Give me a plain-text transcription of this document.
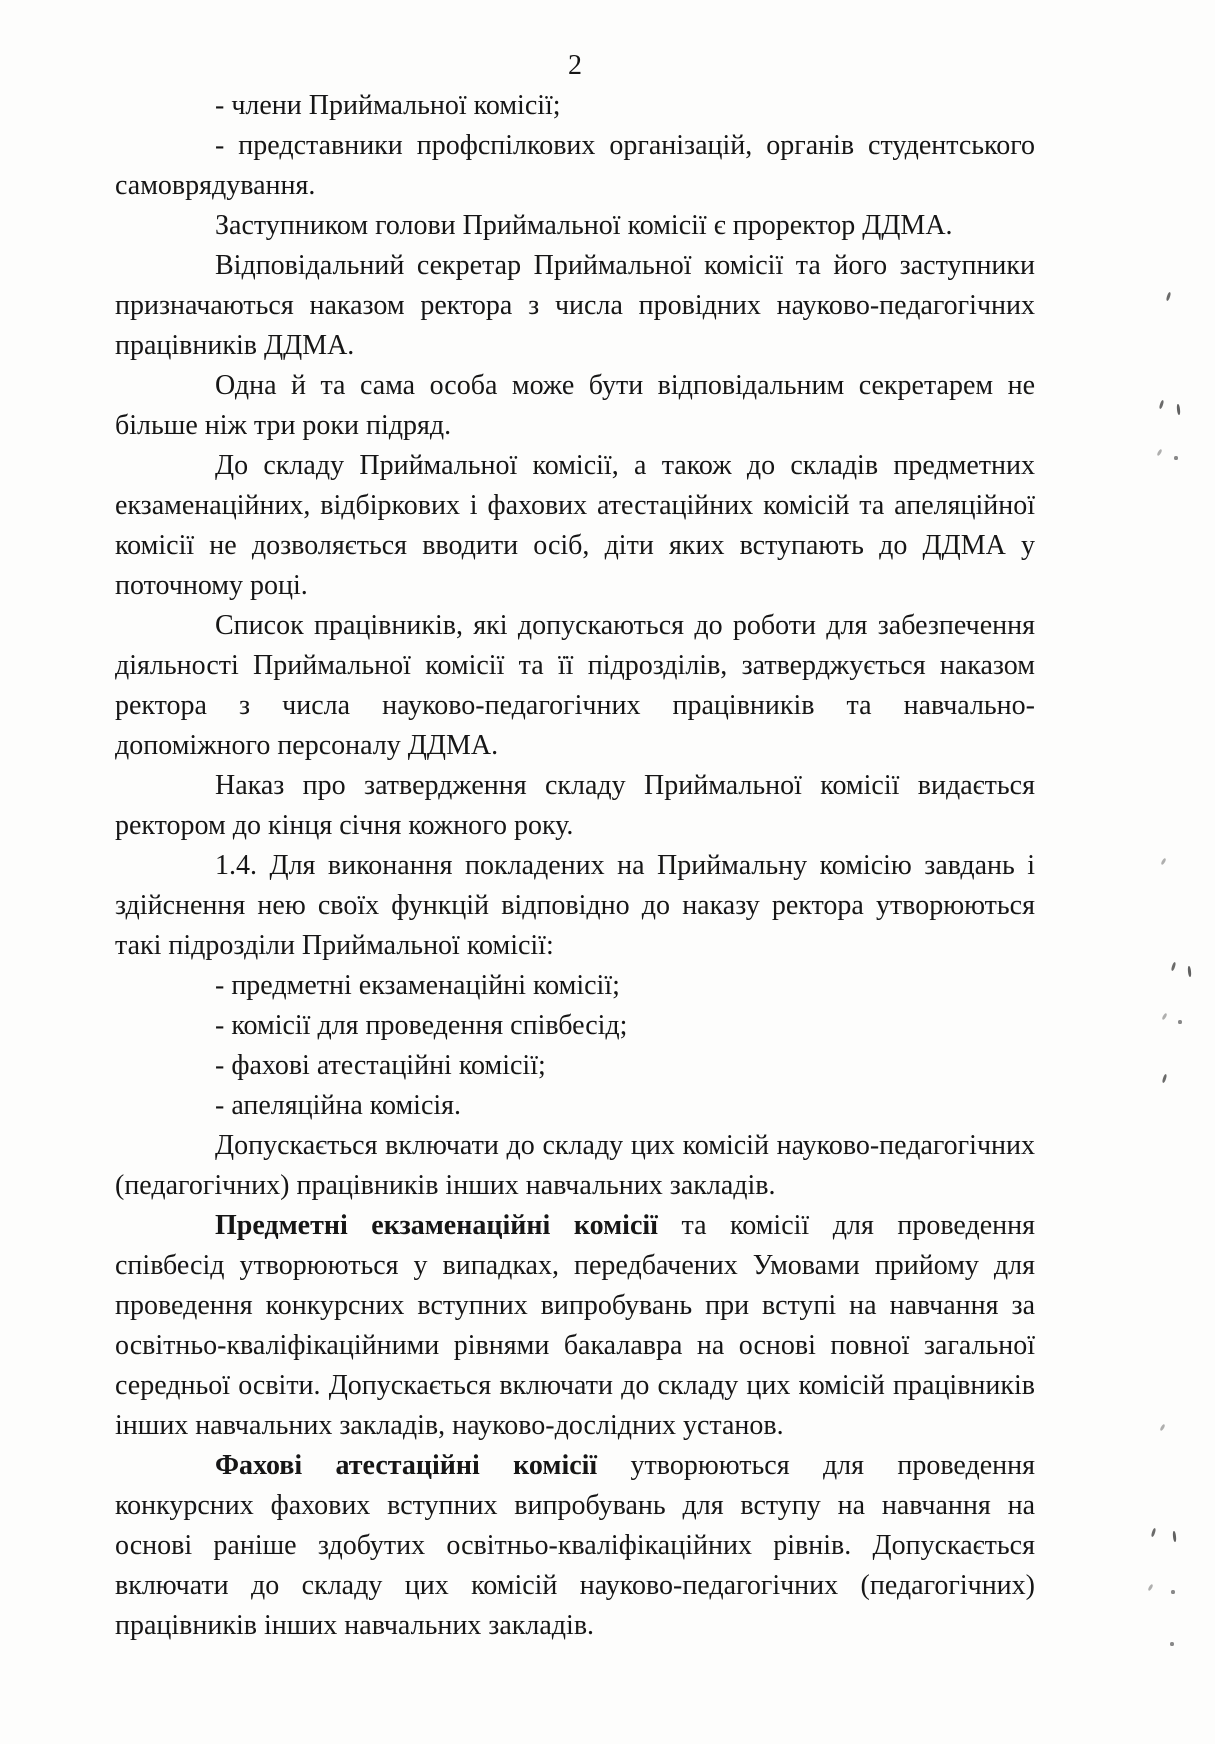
2

- члени Приймальної комісії;

- представники профспілкових організацій, органів студентського самоврядування.

Заступником голови Приймальної комісії є проректор ДДМА.

Відповідальний секретар Приймальної комісії та його заступники призначаються наказом ректора з числа провідних науково-педагогічних працівників ДДМА.

Одна й та сама особа може бути відповідальним секретарем не більше ніж три роки підряд.

До складу Приймальної комісії, а також до складів предметних екзаменаційних, відбіркових і фахових атестаційних комісій та апеляційної комісії не дозволяється вводити осіб, діти яких вступають до ДДМА у поточному році.

Список працівників, які допускаються до роботи для забезпечення діяльності Приймальної комісії та її підрозділів, затверджується наказом ректора з числа науково-педагогічних працівників та навчально-допоміжного персоналу ДДМА.

Наказ про затвердження складу Приймальної комісії видається ректором до кінця січня кожного року.

1.4. Для виконання покладених на Приймальну комісію завдань і здійснення нею своїх функцій відповідно до наказу ректора утворюються такі підрозділи Приймальної комісії:

- предметні екзаменаційні комісії;

- комісії для проведення співбесід;

- фахові атестаційні комісії;

- апеляційна комісія.

Допускається включати до складу цих комісій науково-педагогічних (педагогічних) працівників інших навчальних закладів.

Предметні екзаменаційні комісії та комісії для проведення співбесід утворюються у випадках, передбачених Умовами прийому для проведення конкурсних вступних випробувань при вступі на навчання за освітньо-кваліфікаційними рівнями бакалавра на основі повної загальної середньої освіти. Допускається включати до складу цих комісій працівників інших навчальних закладів, науково-дослідних установ.

Фахові атестаційні комісії утворюються для проведення конкурсних фахових вступних випробувань для вступу на навчання на основі раніше здобутих освітньо-кваліфікаційних рівнів. Допускається включати до складу цих комісій науково-педагогічних (педагогічних) працівників інших навчальних закладів.
